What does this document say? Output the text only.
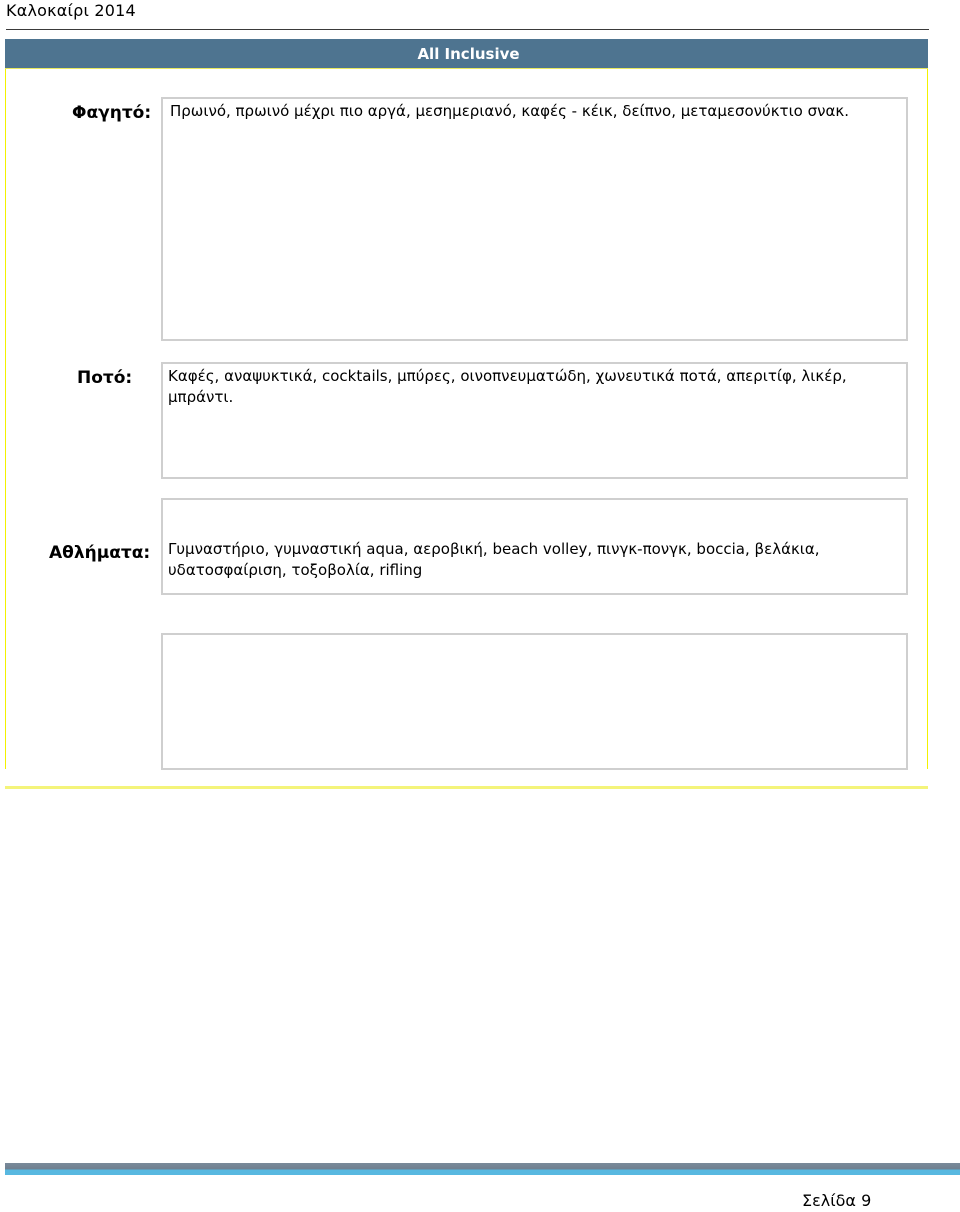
Καλοκαίρι 2014
All Inclusive
Φαγητό:	Πρωινό, πρωινό μέχρι πιο αργά, μεσημεριανό, καφές - κέικ, δείπνο, μεταμεσονύκτιο σνακ.
Ποτό:	Καφές, αναψυκτικά, cocktails, μπύρες, οινοπνευματώδη, χωνευτικά ποτά, απεριτίφ, λικέρ, μπράντι.
Αθλήματα:	Γυμναστήριο, γυμναστική aqua, αεροβική, beach volley, πινγκ-πονγκ, boccia, βελάκια, υδατοσφαίριση, τοξοβολία, rifling
Σελίδα 9
